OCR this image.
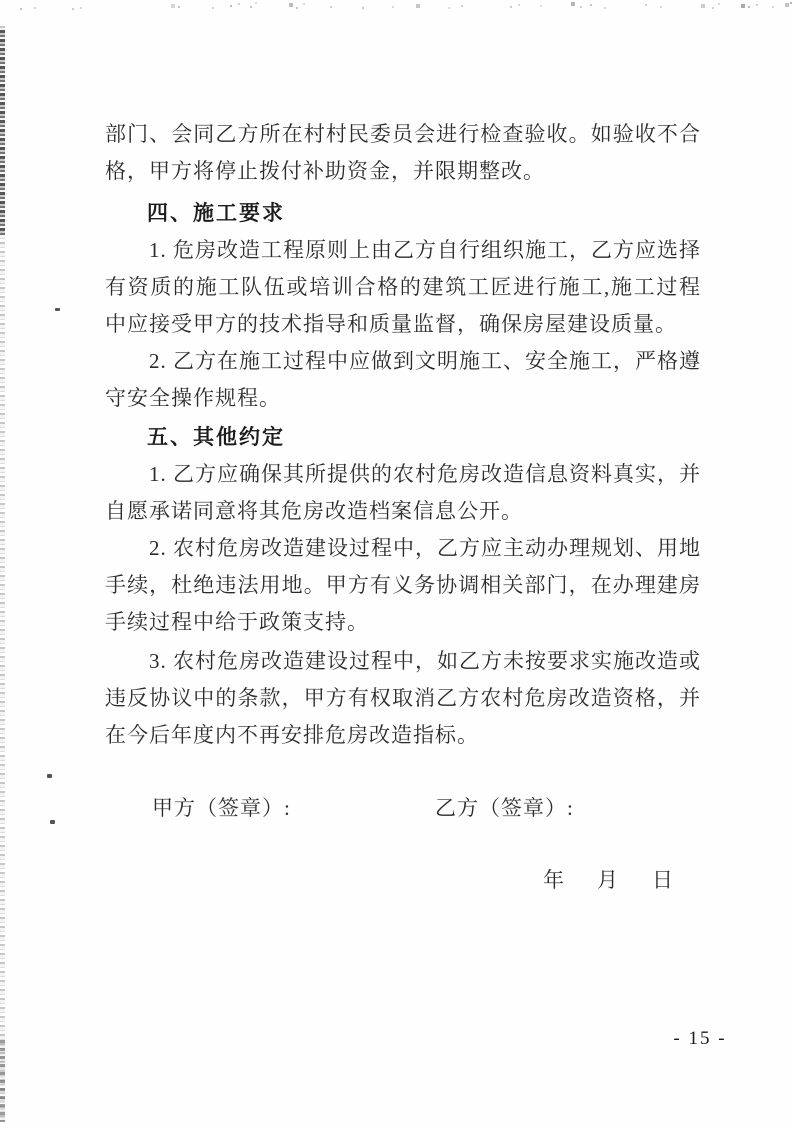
部门、会同乙方所在村村民委员会进行检查验收。如验收不合格，甲方将停止拨付补助资金，并限期整改。

四、施工要求

1. 危房改造工程原则上由乙方自行组织施工，乙方应选择有资质的施工队伍或培训合格的建筑工匠进行施工,施工过程中应接受甲方的技术指导和质量监督，确保房屋建设质量。

2. 乙方在施工过程中应做到文明施工、安全施工，严格遵守安全操作规程。

五、其他约定

1. 乙方应确保其所提供的农村危房改造信息资料真实，并自愿承诺同意将其危房改造档案信息公开。

2. 农村危房改造建设过程中，乙方应主动办理规划、用地手续，杜绝违法用地。甲方有义务协调相关部门，在办理建房手续过程中给于政策支持。

3. 农村危房改造建设过程中，如乙方未按要求实施改造或违反协议中的条款，甲方有权取消乙方农村危房改造资格，并在今后年度内不再安排危房改造指标。

甲方（签章）:	乙方（签章）:
年 月 日
- 15 -
